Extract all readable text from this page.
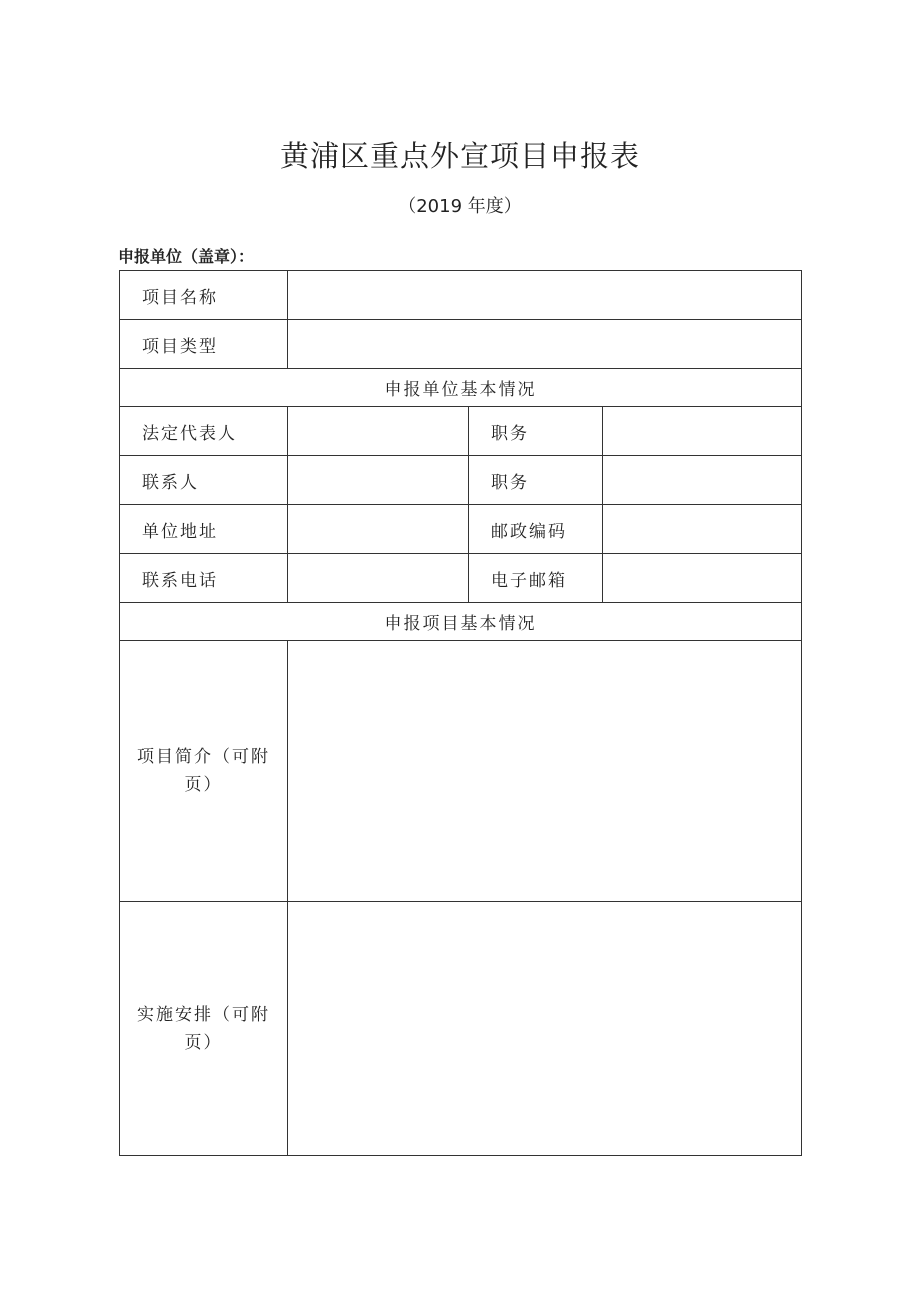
黄浦区重点外宣项目申报表
（2019 年度）
申报单位（盖章）：
项目名称			
项目类型			
申报单位基本情况			
法定代表人		职务	
联系人		职务	
单位地址		邮政编码	
联系电话		电子邮箱	
申报项目基本情况			
项目简介（可附页）			
实施安排（可附页）			
